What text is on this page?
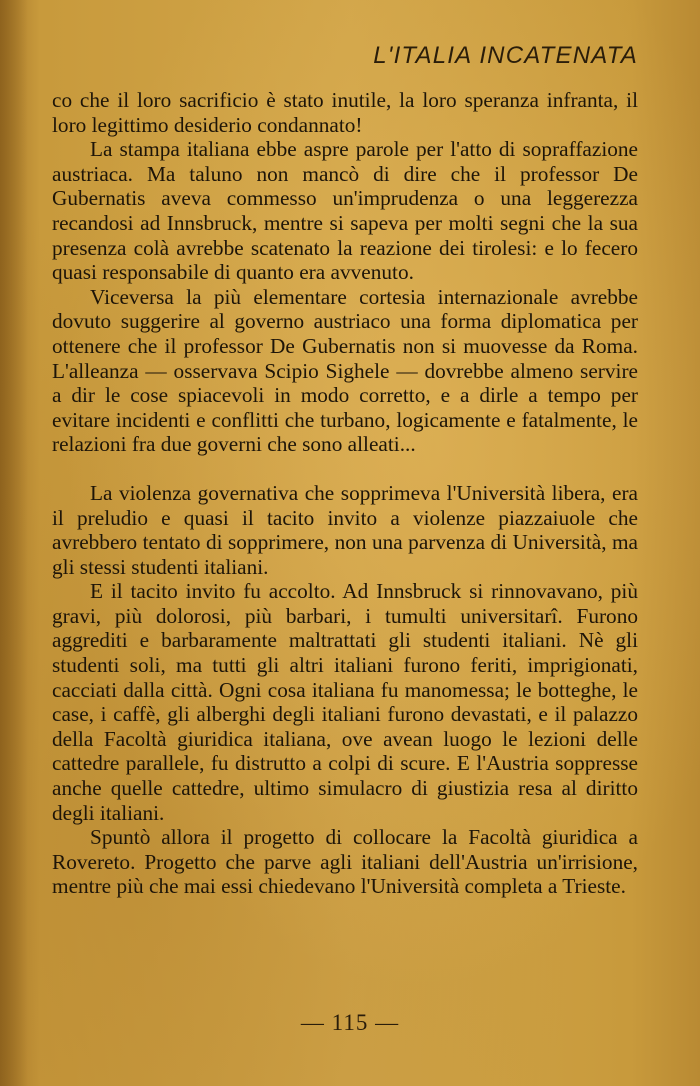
L'ITALIA INCATENATA

co che il loro sacrificio è stato inutile, la loro speranza infranta, il loro legittimo desiderio condannato!

La stampa italiana ebbe aspre parole per l'atto di sopraffazione austriaca. Ma taluno non mancò di dire che il professor De Gubernatis aveva commesso un'imprudenza o una leggerezza recandosi ad Innsbruck, mentre si sapeva per molti segni che la sua presenza colà avrebbe scatenato la reazione dei tirolesi: e lo fecero quasi responsabile di quanto era avvenuto.

Viceversa la più elementare cortesia internazionale avrebbe dovuto suggerire al governo austriaco una forma diplomatica per ottenere che il professor De Gubernatis non si muovesse da Roma. L'alleanza — osservava Scipio Sighele — dovrebbe almeno servire a dir le cose spiacevoli in modo corretto, e a dirle a tempo per evitare incidenti e conflitti che turbano, logicamente e fatalmente, le relazioni fra due governi che sono alleati...

La violenza governativa che sopprimeva l'Università libera, era il preludio e quasi il tacito invito a violenze piazzaiuole che avrebbero tentato di sopprimere, non una parvenza di Università, ma gli stessi studenti italiani.

E il tacito invito fu accolto. Ad Innsbruck si rinnovavano, più gravi, più dolorosi, più barbari, i tumulti universitarî. Furono aggrediti e barbaramente maltrattati gli studenti italiani. Nè gli studenti soli, ma tutti gli altri italiani furono feriti, imprigionati, cacciati dalla città. Ogni cosa italiana fu manomessa; le botteghe, le case, i caffè, gli alberghi degli italiani furono devastati, e il palazzo della Facoltà giuridica italiana, ove avean luogo le lezioni delle cattedre parallele, fu distrutto a colpi di scure. E l'Austria soppresse anche quelle cattedre, ultimo simulacro di giustizia resa al diritto degli italiani.

Spuntò allora il progetto di collocare la Facoltà giuridica a Rovereto. Progetto che parve agli italiani dell'Austria un'irrisione, mentre più che mai essi chiedevano l'Università completa a Trieste.

— 115 —
